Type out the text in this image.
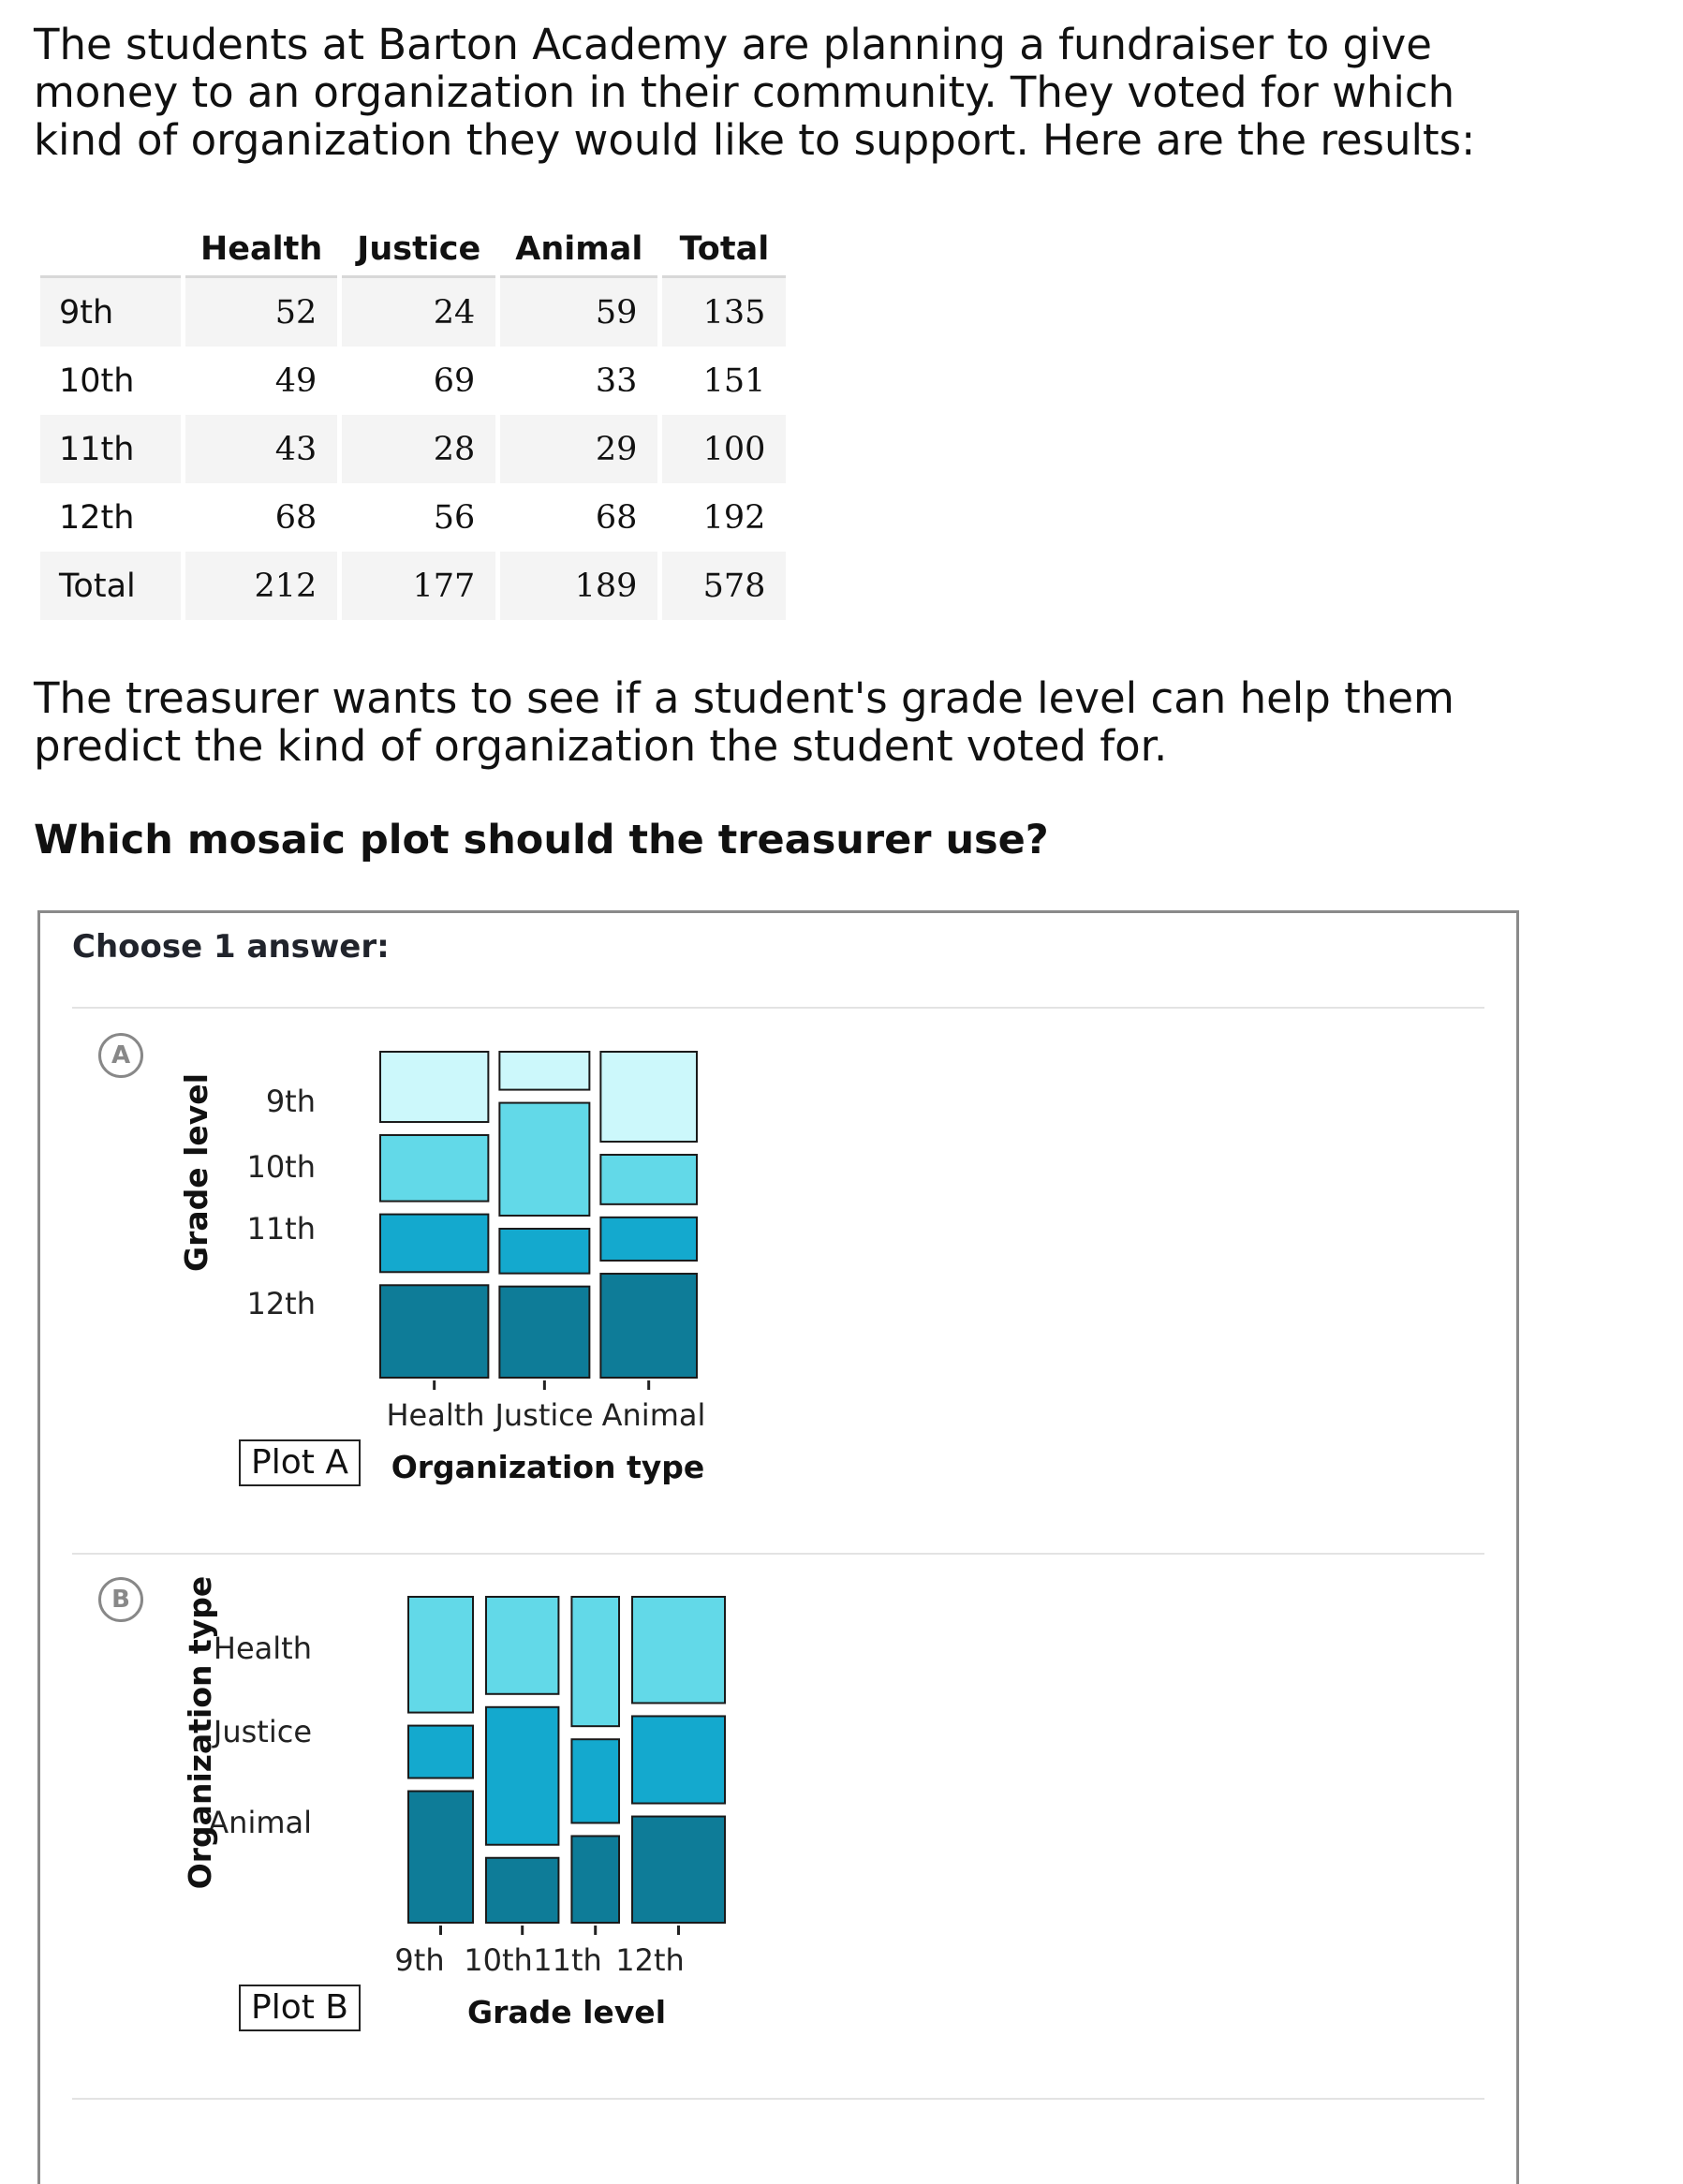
The students at Barton Academy are planning a fundraiser to give money to an organization in their community. They voted for which kind of organization they would like to support. Here are the results:

	Health	Justice	Animal	Total
9th	52	24	59	135
10th	49	69	33	151
11th	43	28	29	100
12th	68	56	68	192
Total	212	177	189	578

The treasurer wants to see if a student's grade level can help them predict the kind of organization the student voted for.

Which mosaic plot should the treasurer use?

Choose 1 answer:
A
Health Justice Animal
9th
10th
11th
12th
Organization type
Grade level
Plot A
B
9th 10th 11th 12th
Health
Justice
Animal
Grade level
Organization type
Plot B
